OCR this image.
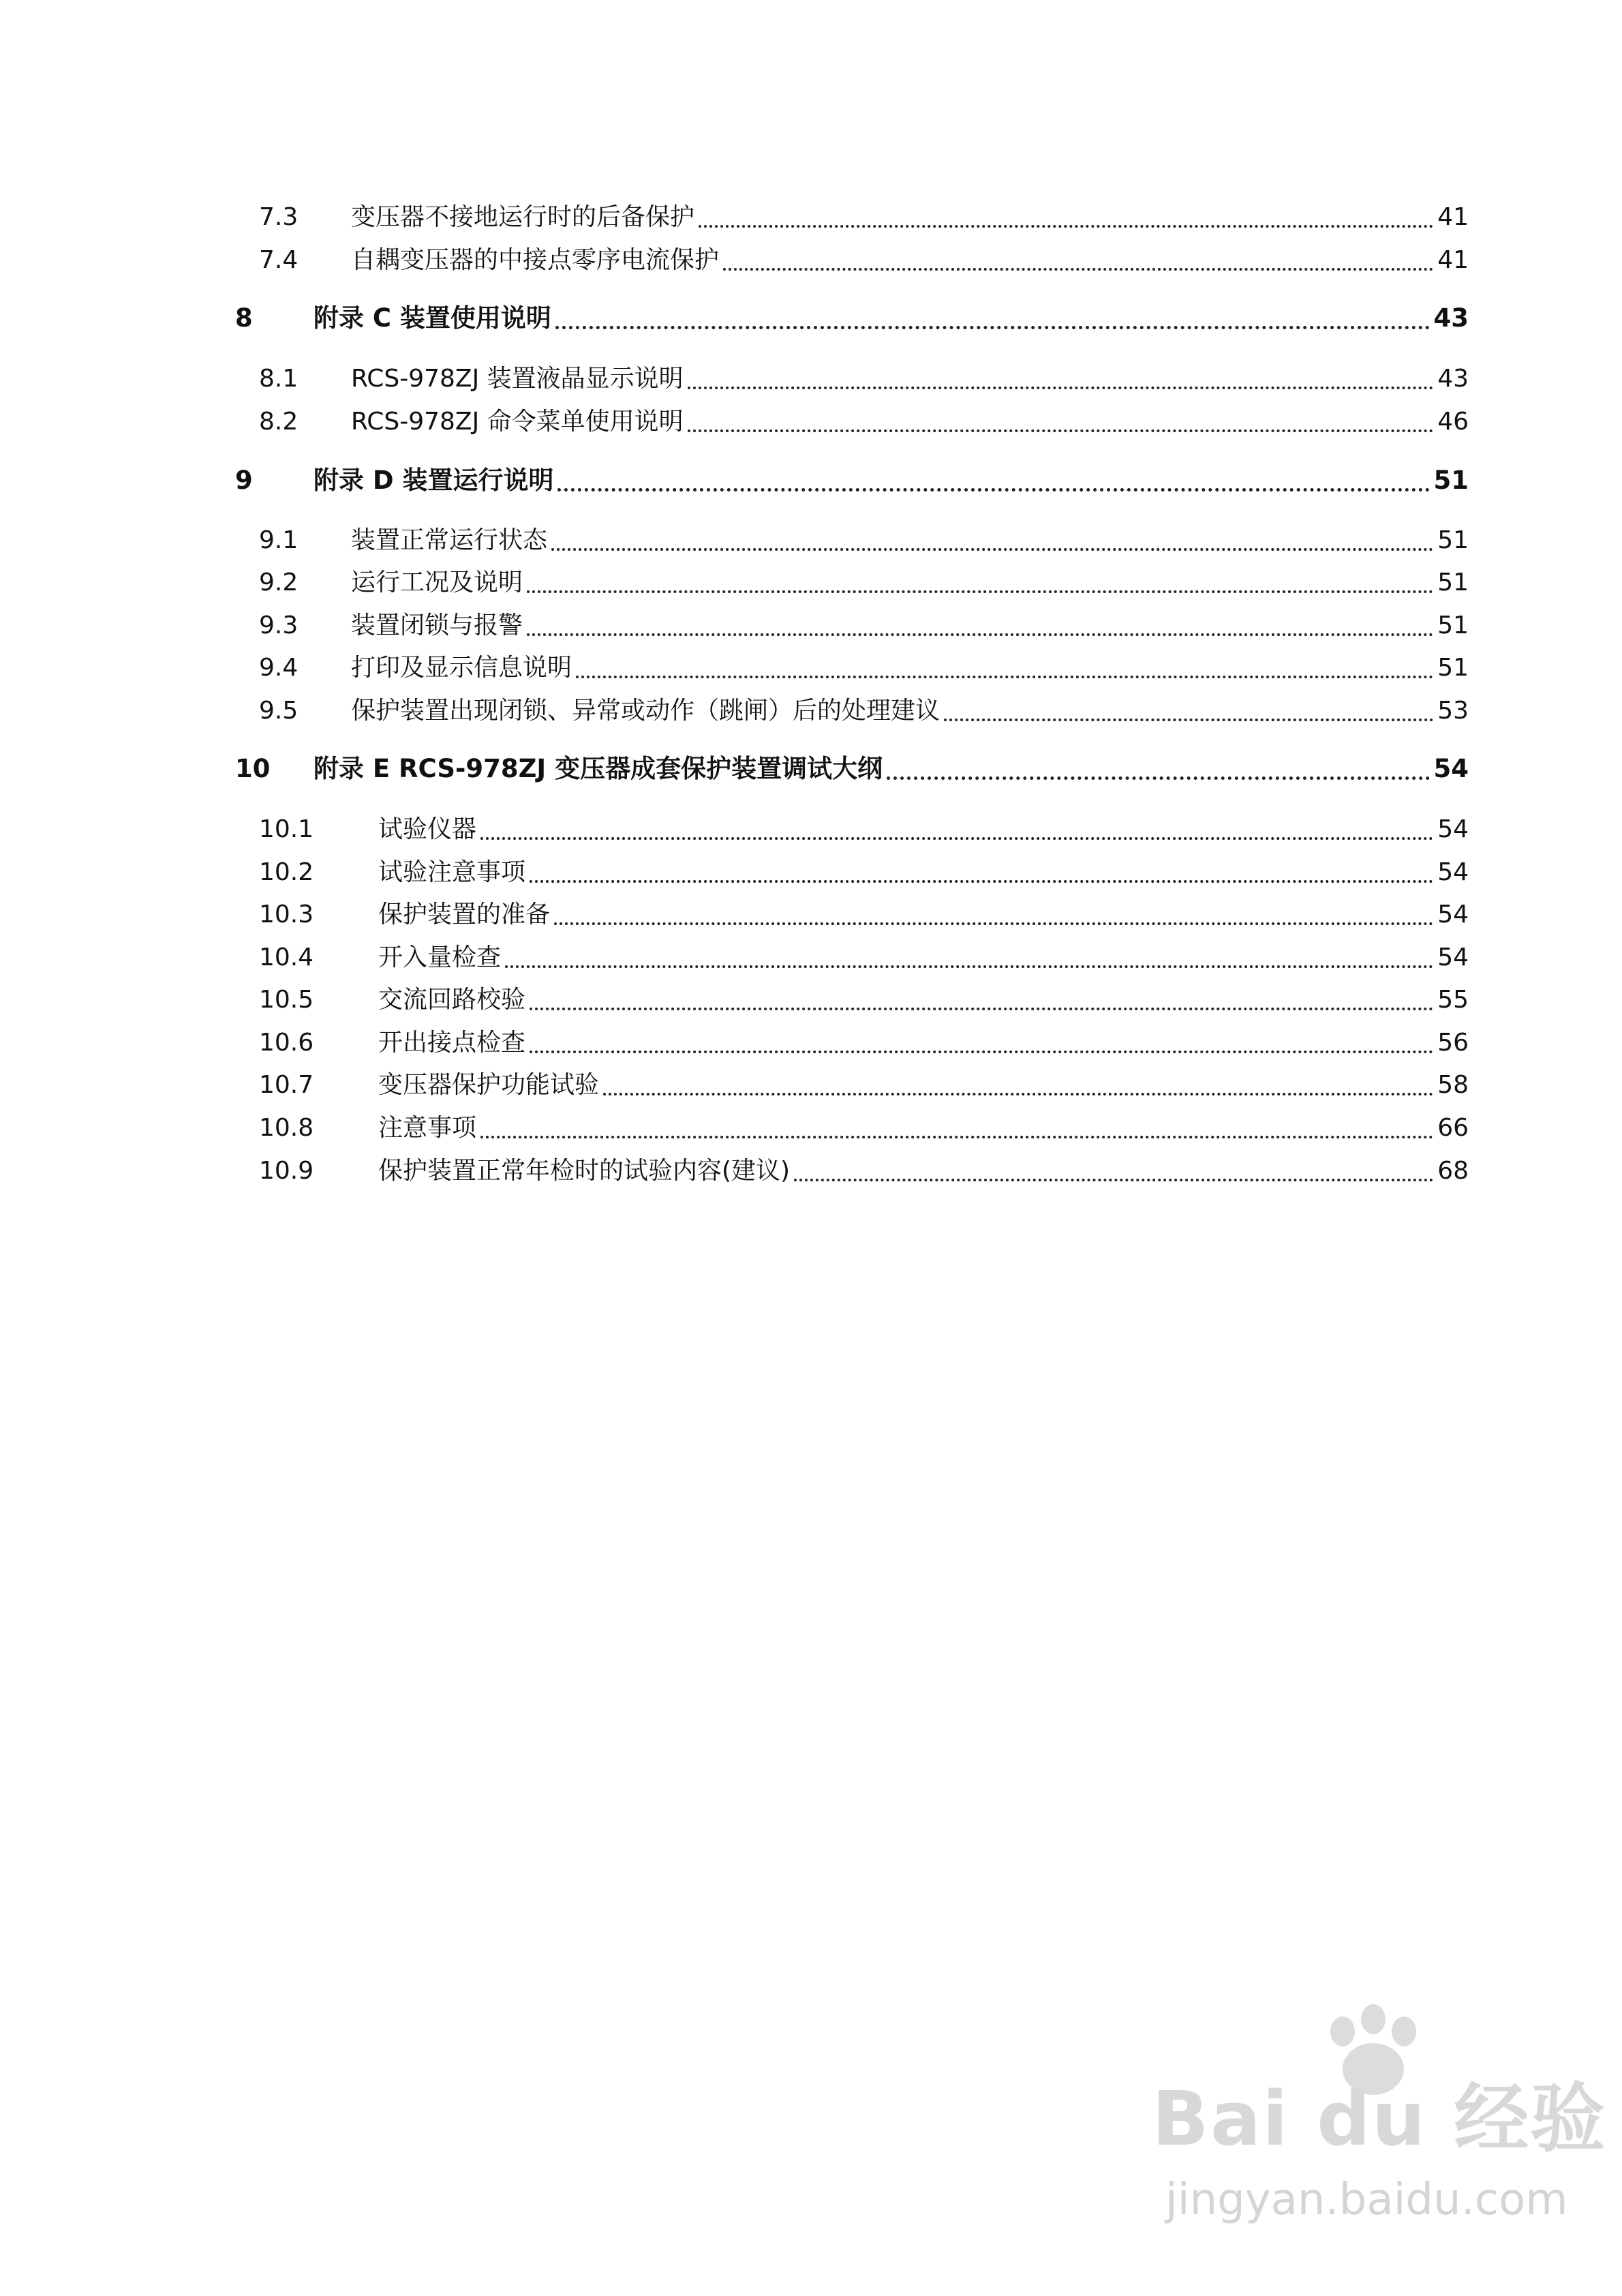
7.3	变压器不接地运行时的后备保护	41
7.4	自耦变压器的中接点零序电流保护	41
8	附录 C 装置使用说明	43
8.1	RCS-978ZJ 装置液晶显示说明	43
8.2	RCS-978ZJ 命令菜单使用说明	46
9	附录 D 装置运行说明	51
9.1	装置正常运行状态	51
9.2	运行工况及说明	51
9.3	装置闭锁与报警	51
9.4	打印及显示信息说明	51
9.5	保护装置出现闭锁、异常或动作（跳闸）后的处理建议	53
10	附录 E RCS-978ZJ 变压器成套保护装置调试大纲	54
10.1	试验仪器	54
10.2	试验注意事项	54
10.3	保护装置的准备	54
10.4	开入量检查	54
10.5	交流回路校验	55
10.6	开出接点检查	56
10.7	变压器保护功能试验	58
10.8	注意事项	66
10.9	保护装置正常年检时的试验内容(建议)	68
Bai du 经验
jingyan.baidu.com
